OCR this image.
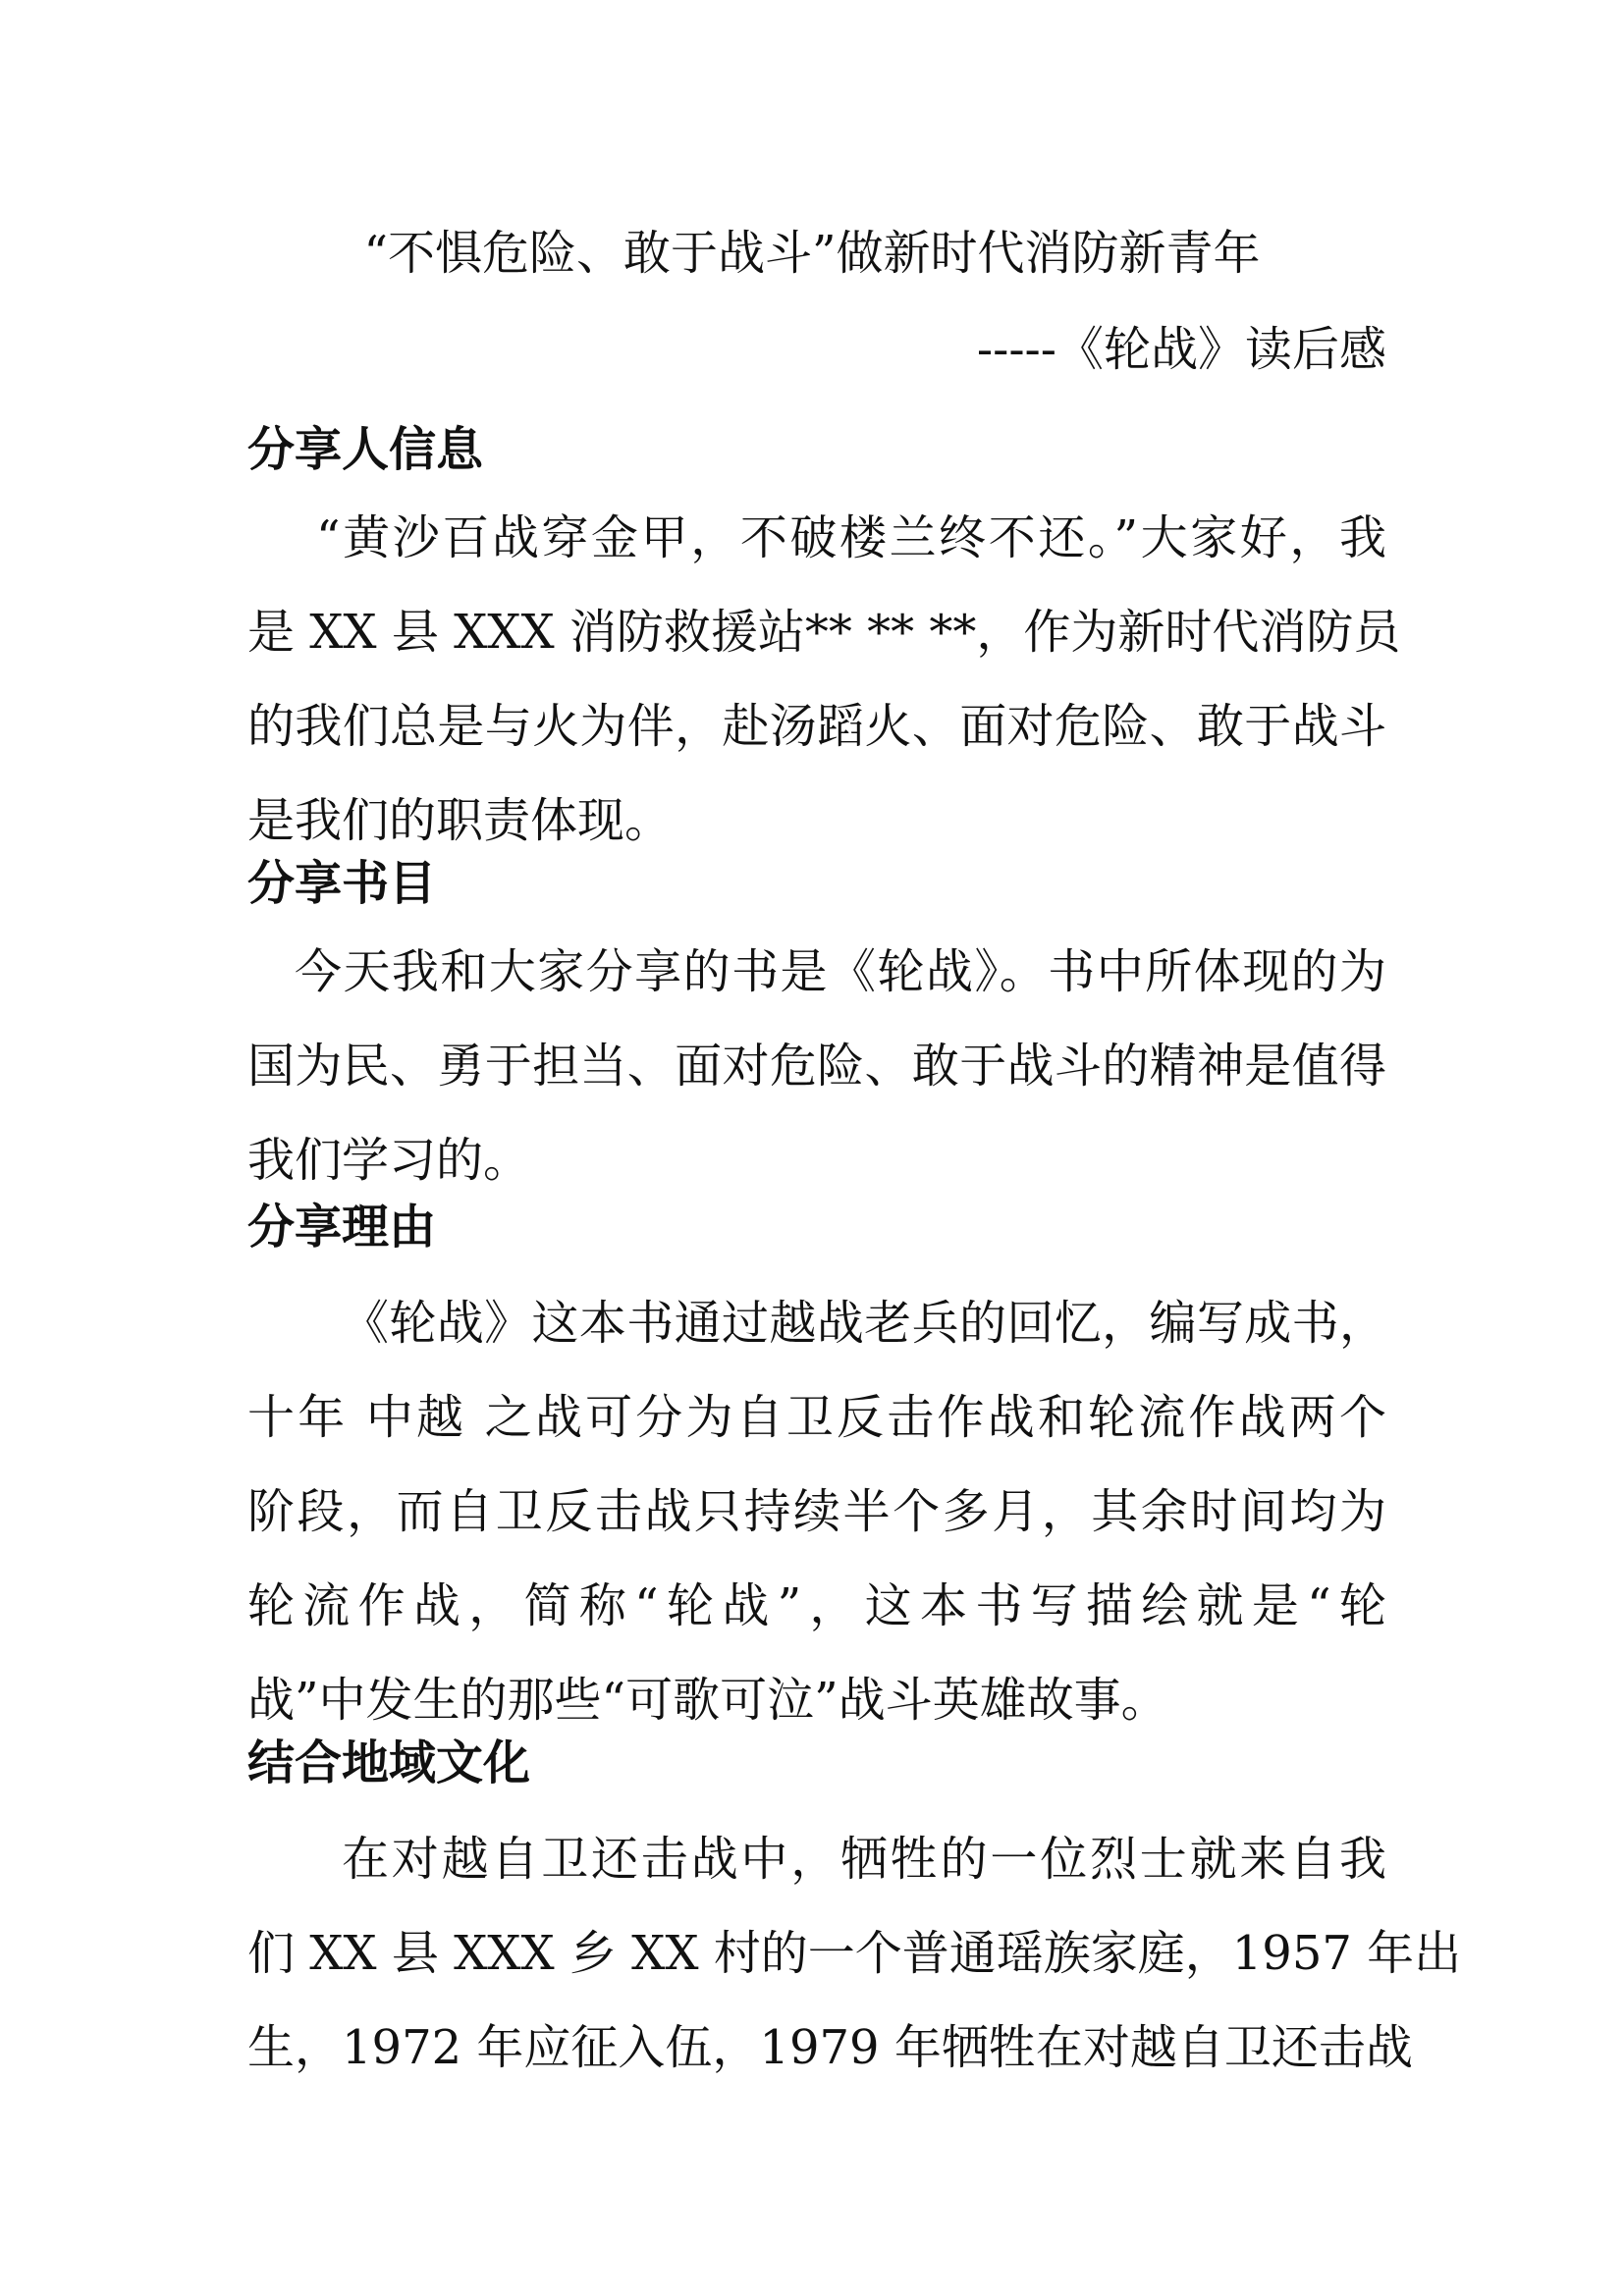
“不惧危险、敢于战斗”做新时代消防新青年
-----《轮战》读后感
分享人信息
“黄沙百战穿金甲，不破楼兰终不还。”大家好，我
是 XX 县 XXX 消防救援站** ** **，作为新时代消防员
的我们总是与火为伴，赴汤蹈火、面对危险、敢于战斗
是我们的职责体现。
分享书目
今天我和大家分享的书是《轮战》。书中所体现的为
国为民、勇于担当、面对危险、敢于战斗的精神是值得
我们学习的。
分享理由
《轮战》这本书通过越战老兵的回忆，编写成书，
十年 中越 之战可分为自卫反击作战和轮流作战两个
阶段，而自卫反击战只持续半个多月，其余时间均为
轮流作战，简称“轮战”，这本书写描绘就是“轮
战”中发生的那些“可歌可泣”战斗英雄故事。
结合地域文化
在对越自卫还击战中，牺牲的一位烈士就来自我
们 XX 县 XXX 乡 XX 村的一个普通瑶族家庭，1957 年出
生，1972 年应征入伍，1979 年牺牲在对越自卫还击战
